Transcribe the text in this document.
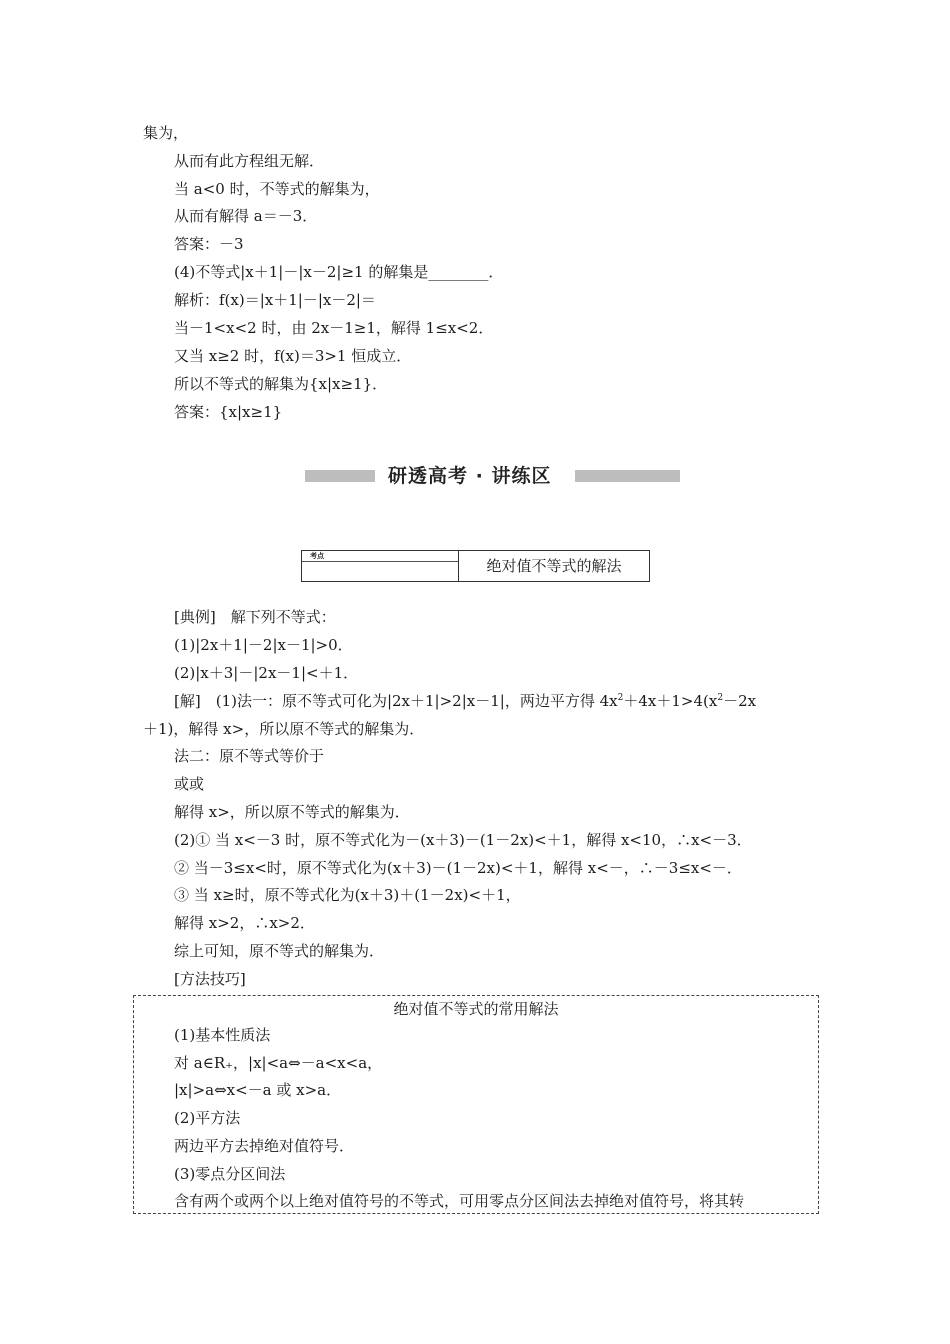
集为，
从而有此方程组无解．
当 a<0 时，不等式的解集为，
从而有解得 a＝－3．
答案：－3
(4)不等式|x＋1|－|x－2|≥1 的解集是________．
解析：f(x)＝|x＋1|－|x－2|＝
当－1<x<2 时，由 2x－1≥1，解得 1≤x<2．
又当 x≥2 时，f(x)＝3>1 恒成立．
所以不等式的解集为{x|x≥1}．
答案：{x|x≥1}
研透高考 · 讲练区
考点
绝对值不等式的解法
[典例]　解下列不等式：
(1)|2x＋1|－2|x－1|>0．
(2)|x＋3|－|2x－1|<＋1．
[解]　(1)法一：原不等式可化为|2x＋1|>2|x－1|，两边平方得 $4x^2+4x+1>4(x^2-2x$
＋1)，解得 x>，所以原不等式的解集为．
法二：原不等式等价于
或或
解得 x>，所以原不等式的解集为．
(2)① 当 x<－3 时，原不等式化为－(x＋3)－(1－2x)<＋1，解得 x<10，∴x<－3．
② 当－3≤x<时，原不等式化为(x＋3)－(1－2x)<＋1，解得 x<－，∴－3≤x<－．
③ 当 x≥时，原不等式化为(x＋3)＋(1－2x)<＋1，
解得 x>2，∴x>2．
综上可知，原不等式的解集为．
[方法技巧]
绝对值不等式的常用解法
(1)基本性质法
对 a∈R₊，|x|<a⇔－a<x<a，
|x|>a⇔x<－a 或 x>a．
(2)平方法
两边平方去掉绝对值符号．
(3)零点分区间法
含有两个或两个以上绝对值符号的不等式，可用零点分区间法去掉绝对值符号，将其转
